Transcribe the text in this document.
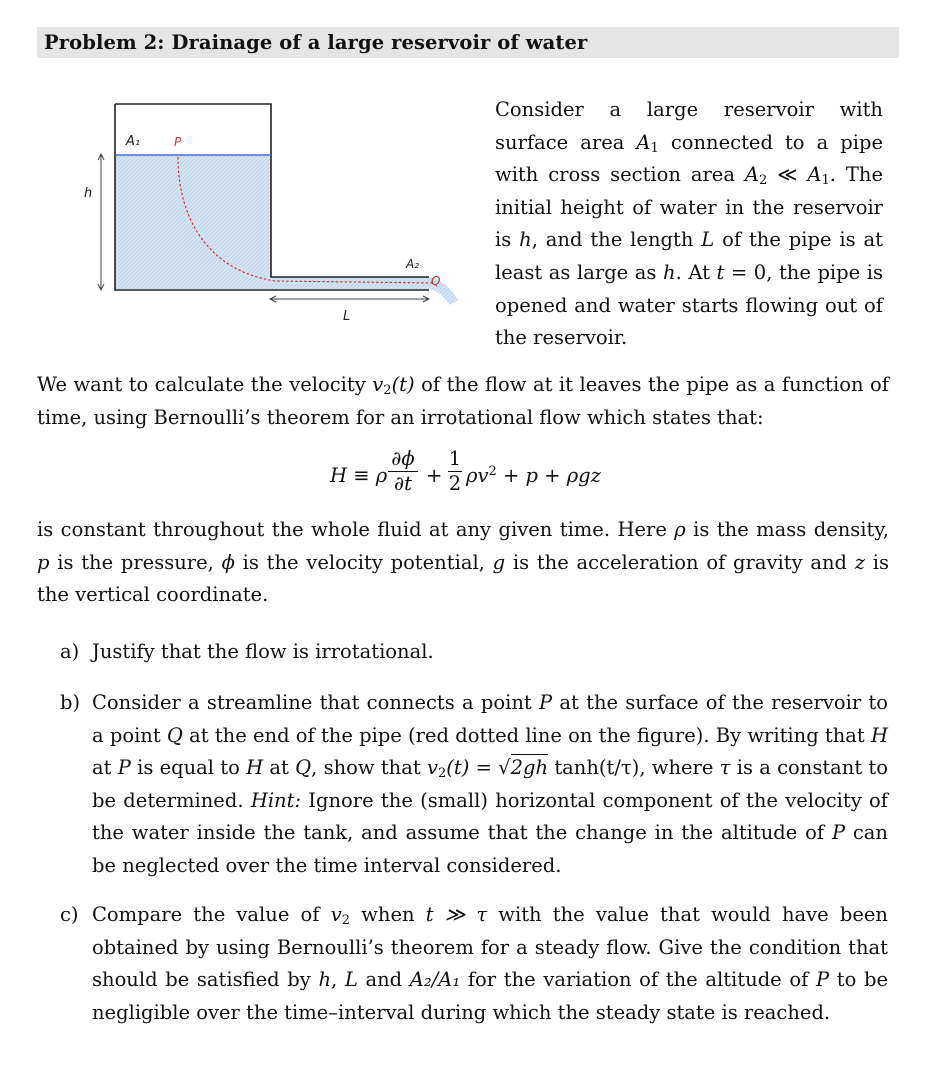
Problem 2: Drainage of a large reservoir of water
A₁	P
h
A₂
Q
L
Consider a large reservoir with surface area $A_1$ connected to a pipe with cross section area $A_2$ ≪ $A_1$. The initial height of water in the reservoir is h, and the length L of the pipe is at least as large as h. At t = 0, the pipe is opened and water starts flowing out of the reservoir.
We want to calculate the velocity $v_2(t)$ of the flow at it leaves the pipe as a function of time, using Bernoulli’s theorem for an irrotational flow which states that:
H ≡ ρ
∂ϕ
∂t +
1
2 $\rho v^2 + p + \rho gz$
is constant throughout the whole fluid at any given time. Here ρ is the mass density, p is the pressure, ϕ is the velocity potential, g is the acceleration of gravity and z is the vertical coordinate.
a) Justify that the flow is irrotational.
b) Consider a streamline that connects a point P at the surface of the reservoir to a point Q at the end of the pipe (red dotted line on the figure). By writing that H at P is equal to H at Q, show that $v_2(t) = √2gh$ tanh(t/τ), where τ is a constant to be determined. Hint: Ignore the (small) horizontal component of the velocity of the water inside the tank, and assume that the change in the altitude of P can be neglected over the time interval considered.
c) Compare the value of $v_2$ when t ≫ τ with the value that would have been obtained by using Bernoulli’s theorem for a steady flow. Give the condition that should be satisfied by h, L and A₂/A₁ for the variation of the altitude of P to be negligible over the time–interval during which the steady state is reached.
